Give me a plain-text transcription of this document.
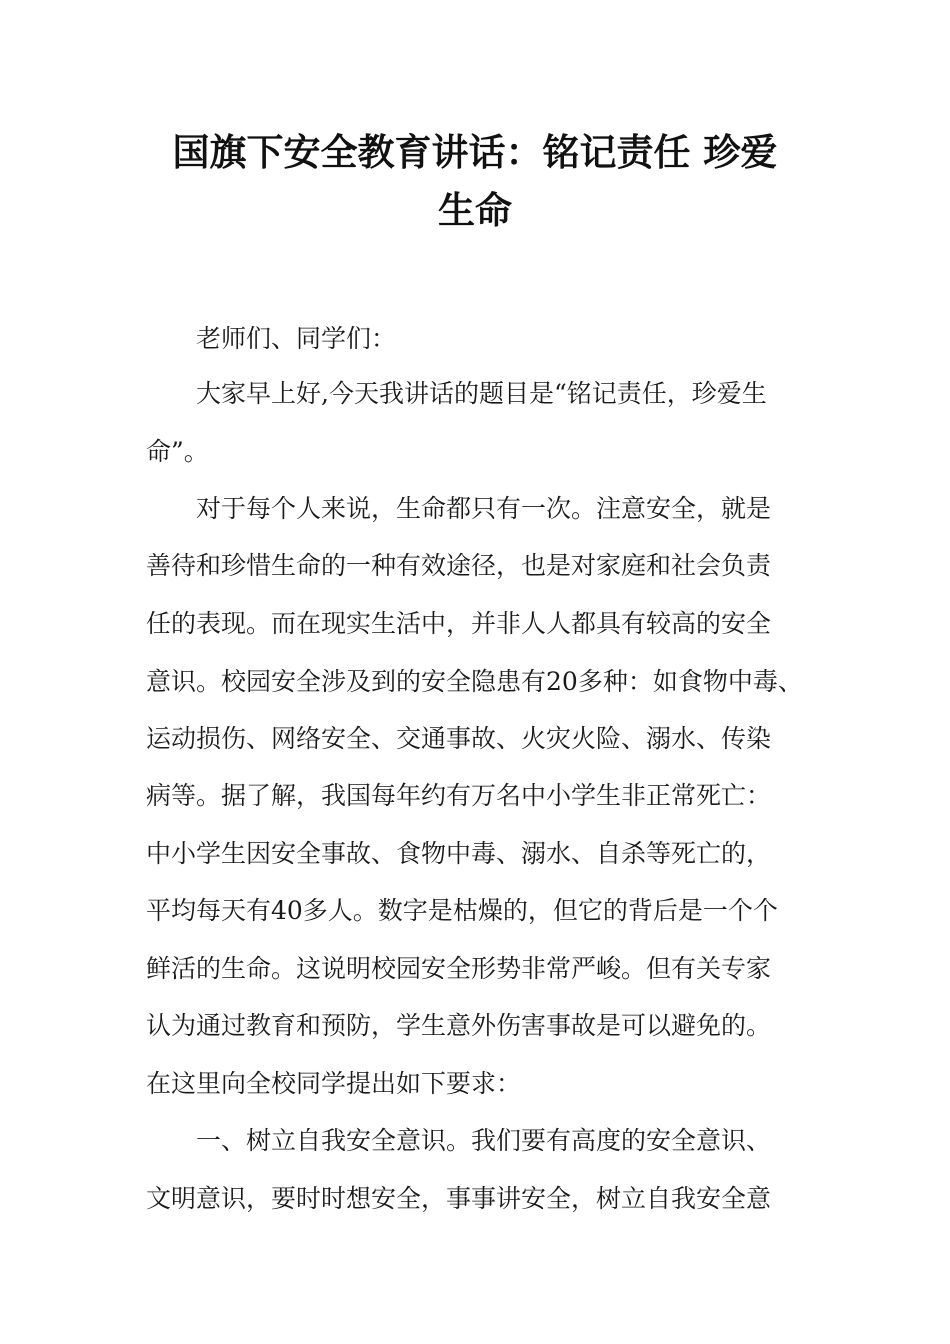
国旗下安全教育讲话：铭记责任 珍爱
生命

老师们、同学们：

大家早上好,今天我讲话的题目是“铭记责任，珍爱生

命”。

对于每个人来说，生命都只有一次。注意安全，就是

善待和珍惜生命的一种有效途径，也是对家庭和社会负责

任的表现。而在现实生活中，并非人人都具有较高的安全

意识。校园安全涉及到的安全隐患有20多种：如食物中毒、

运动损伤、网络安全、交通事故、火灾火险、溺水、传染

病等。据了解，我国每年约有万名中小学生非正常死亡：

中小学生因安全事故、食物中毒、溺水、自杀等死亡的，

平均每天有40多人。数字是枯燥的，但它的背后是一个个

鲜活的生命。这说明校园安全形势非常严峻。但有关专家

认为通过教育和预防，学生意外伤害事故是可以避免的。

在这里向全校同学提出如下要求：

一、树立自我安全意识。我们要有高度的安全意识、

文明意识，要时时想安全，事事讲安全，树立自我安全意
